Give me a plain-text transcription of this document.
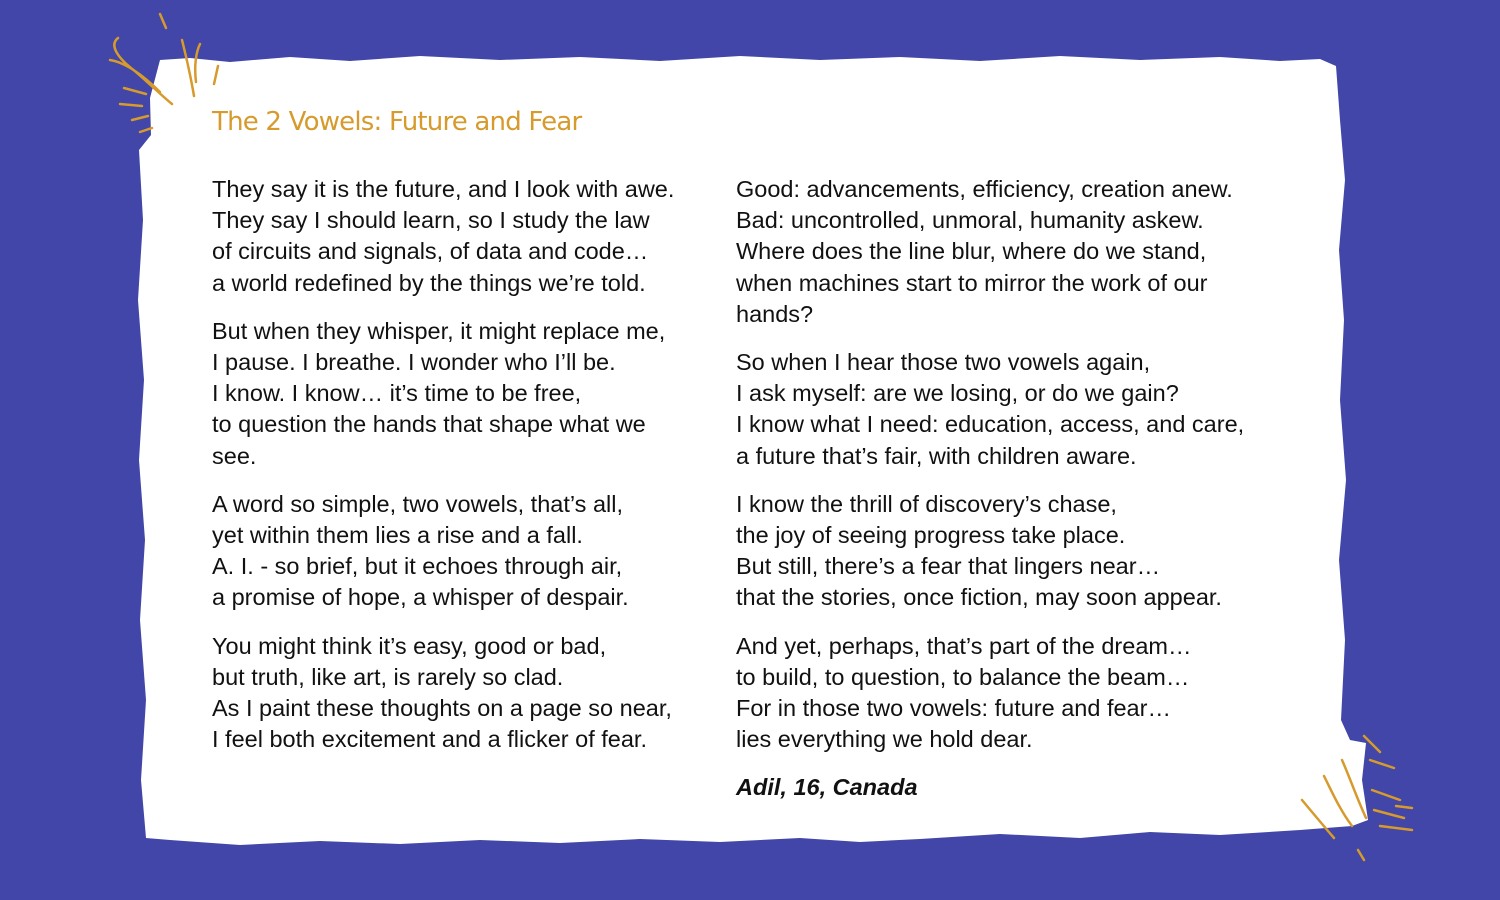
The 2 Vowels: Future and Fear
They say it is the future, and I look with awe.
They say I should learn, so I study the law
of circuits and signals, of data and code…
a world redefined by the things we’re told.
But when they whisper, it might replace me,
I pause. I breathe. I wonder who I’ll be.
I know. I know… it’s time to be free,
to question the hands that shape what we
see.
A word so simple, two vowels, that’s all,
yet within them lies a rise and a fall.
A. I. - so brief, but it echoes through air,
a promise of hope, a whisper of despair.
You might think it’s easy, good or bad,
but truth, like art, is rarely so clad.
As I paint these thoughts on a page so near,
I feel both excitement and a flicker of fear.
Good: advancements, efficiency, creation anew.
Bad: uncontrolled, unmoral, humanity askew.
Where does the line blur, where do we stand,
when machines start to mirror the work of our
hands?
So when I hear those two vowels again,
I ask myself: are we losing, or do we gain?
I know what I need: education, access, and care,
a future that’s fair, with children aware.
I know the thrill of discovery’s chase,
the joy of seeing progress take place.
But still, there’s a fear that lingers near…
that the stories, once fiction, may soon appear.
And yet, perhaps, that’s part of the dream…
to build, to question, to balance the beam…
For in those two vowels: future and fear…
lies everything we hold dear.
Adil, 16, Canada
